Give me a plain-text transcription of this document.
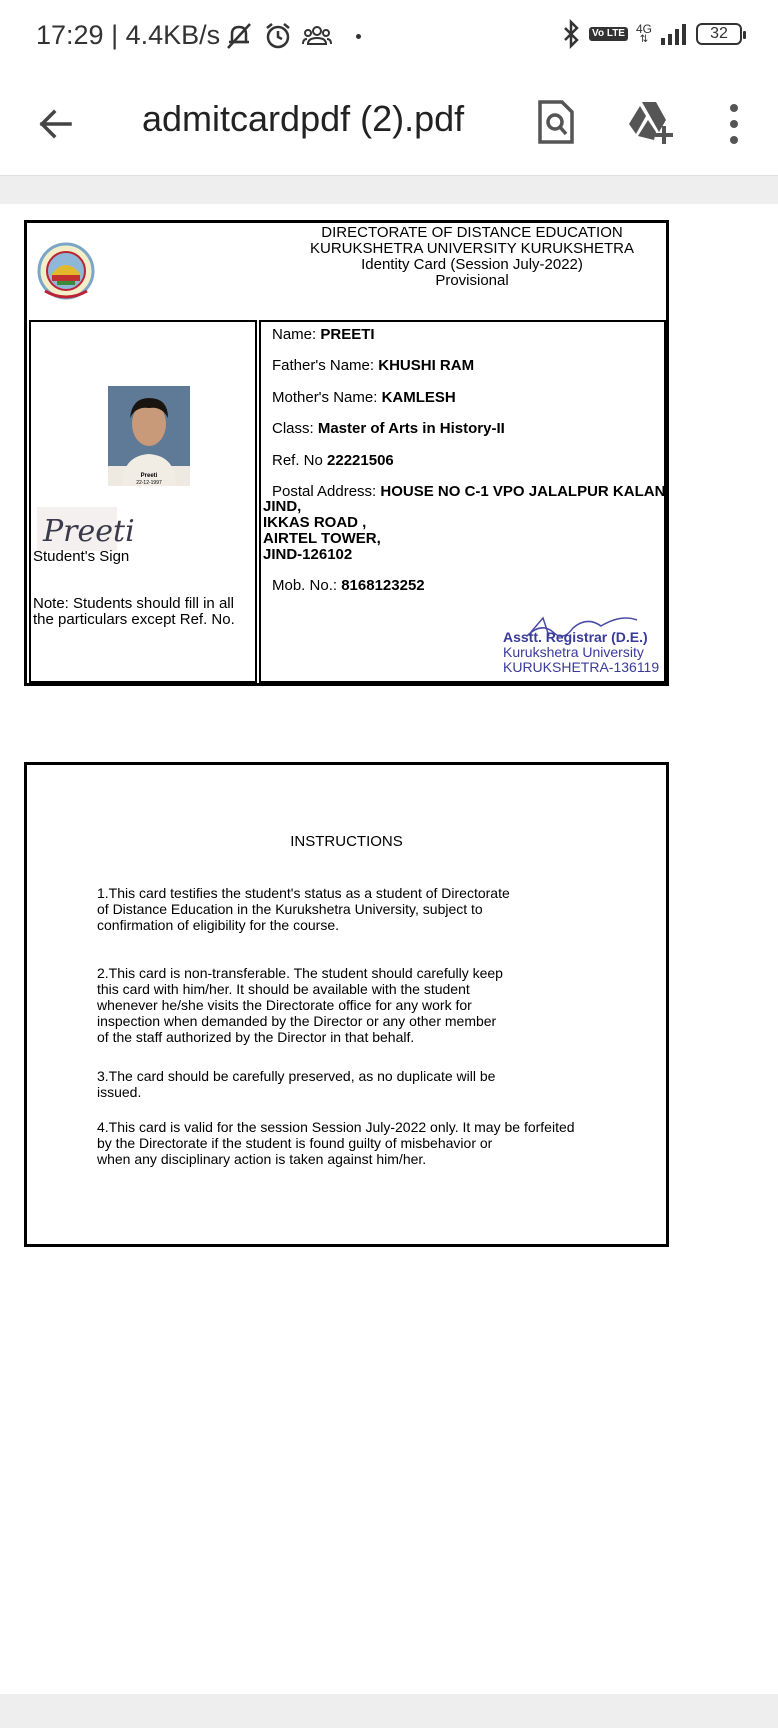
17:29 | 4.4KB/s	Vo LTE 4G
⇅	32
admitcardpdf (2).pdf
DIRECTORATE OF DISTANCE EDUCATION
KURUKSHETRA UNIVERSITY KURUKSHETRA
Identity Card (Session July-2022)
Provisional
Preeti
22-12-1997
Preeti
Student's Sign
Note: Students should fill in all the particulars except Ref. No.
Name: PREETI
Father's Name: KHUSHI RAM
Mother's Name: KAMLESH
Class: Master of Arts in History-II
Ref. No 22221506
Postal Address: HOUSE NO C-1 VPO JALALPUR KALAN,
JIND,
IKKAS ROAD ,
AIRTEL TOWER,
JIND-126102
Mob. No.: 8168123252
Asstt. Registrar (D.E.)
Kurukshetra University
KURUKSHETRA-136119
INSTRUCTIONS
1.This card testifies the student's status as a student of Directorate
of Distance Education in the Kurukshetra University, subject to
confirmation of eligibility for the course.
2.This card is non-transferable. The student should carefully keep
this card with him/her. It should be available with the student
whenever he/she visits the Directorate office for any work for
inspection when demanded by the Director or any other member
of the staff authorized by the Director in that behalf.
3.The card should be carefully preserved, as no duplicate will be
issued.
4.This card is valid for the session Session July-2022 only. It may be forfeited
by the Directorate if the student is found guilty of misbehavior or
when any disciplinary action is taken against him/her.
